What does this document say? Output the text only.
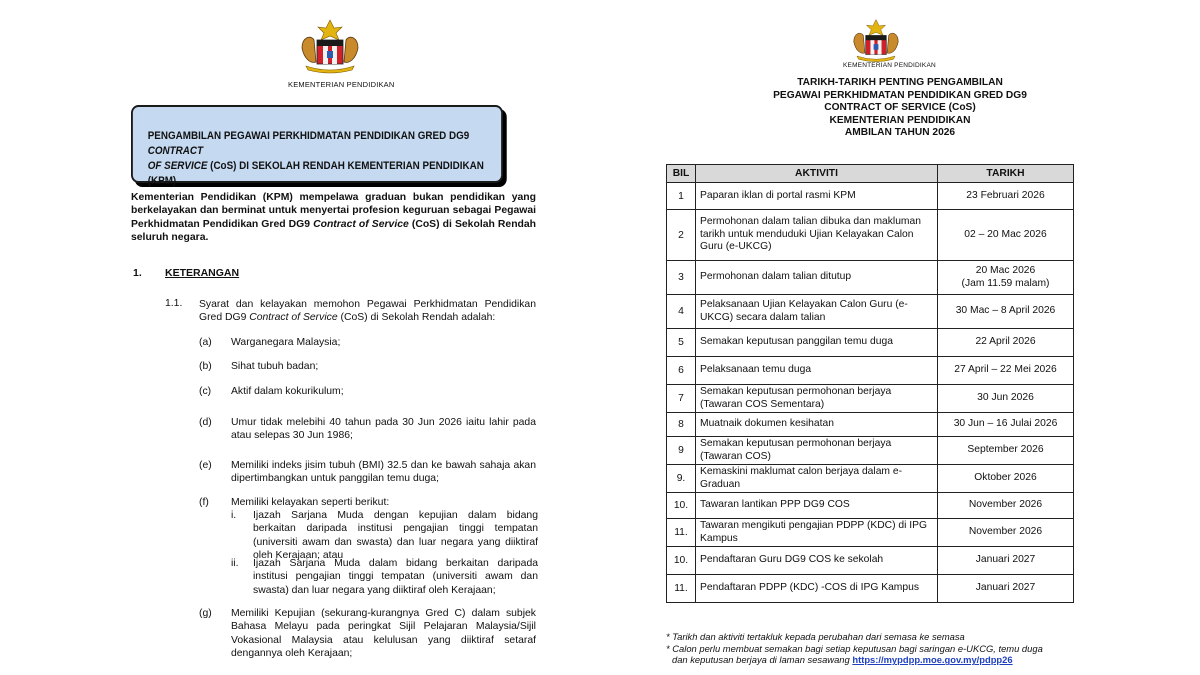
KEMENTERIAN PENDIDIKAN
PENGAMBILAN PEGAWAI PERKHIDMATAN PENDIDIKAN GRED DG9  CONTRACT
OF SERVICE (CoS) DI SEKOLAH RENDAH KEMENTERIAN PENDIDIKAN (KPM)
Kementerian Pendidikan (KPM) mempelawa graduan bukan pendidikan yang berkelayakan dan berminat untuk menyertai profesion keguruan sebagai Pegawai Perkhidmatan Pendidikan Gred DG9 Contract of Service (CoS) di Sekolah Rendah seluruh negara.
1. KETERANGAN
1.1. Syarat dan kelayakan memohon Pegawai Perkhidmatan Pendidikan Gred DG9 Contract of Service (CoS) di Sekolah Rendah adalah:
(a) Warganegara Malaysia;
(b) Sihat tubuh badan;
(c) Aktif dalam kokurikulum;
(d) Umur tidak melebihi 40 tahun pada 30 Jun 2026 iaitu lahir pada atau selepas 30 Jun 1986;
(e) Memiliki indeks jisim tubuh (BMI) 32.5 dan ke bawah sahaja akan dipertimbangkan untuk panggilan temu duga;
(f) Memiliki kelayakan seperti berikut:
i. Ijazah Sarjana Muda dengan kepujian dalam bidang berkaitan daripada institusi pengajian tinggi tempatan (universiti awam dan swasta) dan luar negara yang diiktiraf oleh Kerajaan; atau
ii. Ijazah Sarjana Muda dalam bidang berkaitan daripada institusi pengajian tinggi tempatan (universiti awam dan swasta) dan luar negara yang diiktiraf oleh Kerajaan;
(g) Memiliki Kepujian (sekurang-kurangnya Gred C) dalam subjek Bahasa Melayu pada peringkat Sijil Pelajaran Malaysia/Sijil Vokasional Malaysia atau kelulusan yang diiktiraf setaraf dengannya oleh Kerajaan;
KEMENTERIAN PENDIDIKAN
TARIKH-TARIKH PENTING PENGAMBILAN
PEGAWAI PERKHIDMATAN PENDIDIKAN GRED DG9
CONTRACT OF SERVICE (CoS)
KEMENTERIAN PENDIDIKAN
AMBILAN TAHUN 2026
BIL	AKTIVITI	TARIKH
1	Paparan iklan di portal rasmi KPM	23 Februari 2026
2	Permohonan dalam talian dibuka dan makluman tarikh untuk menduduki Ujian Kelayakan Calon Guru (e-UKCG)	02 – 20 Mac 2026
3	Permohonan dalam talian ditutup	20 Mac 2026
(Jam 11.59 malam)
4	Pelaksanaan Ujian Kelayakan Calon Guru (e-UKCG) secara dalam talian	30 Mac – 8 April 2026
5	Semakan keputusan panggilan temu duga	22 April 2026
6	Pelaksanaan temu duga	27 April – 22 Mei 2026
7	Semakan keputusan permohonan berjaya (Tawaran COS Sementara)	30 Jun 2026
8	Muatnaik dokumen kesihatan	30 Jun – 16 Julai 2026
9	Semakan keputusan permohonan berjaya (Tawaran COS)	September 2026
9.	Kemaskini maklumat calon berjaya dalam e-Graduan	Oktober 2026
10.	Tawaran lantikan PPP DG9 COS	November 2026
11.	Tawaran mengikuti pengajian PDPP (KDC) di IPG Kampus	November 2026
10.	Pendaftaran Guru DG9 COS ke sekolah	Januari 2027
11.	Pendaftaran PDPP (KDC) -COS di IPG Kampus	Januari 2027
* Tarikh dan aktiviti tertakluk kepada perubahan dari semasa ke semasa
* Calon perlu membuat semakan bagi setiap keputusan bagi saringan e-UKCG, temu duga
dan keputusan berjaya di laman sesawang https://mypdpp.moe.gov.my/pdpp26
